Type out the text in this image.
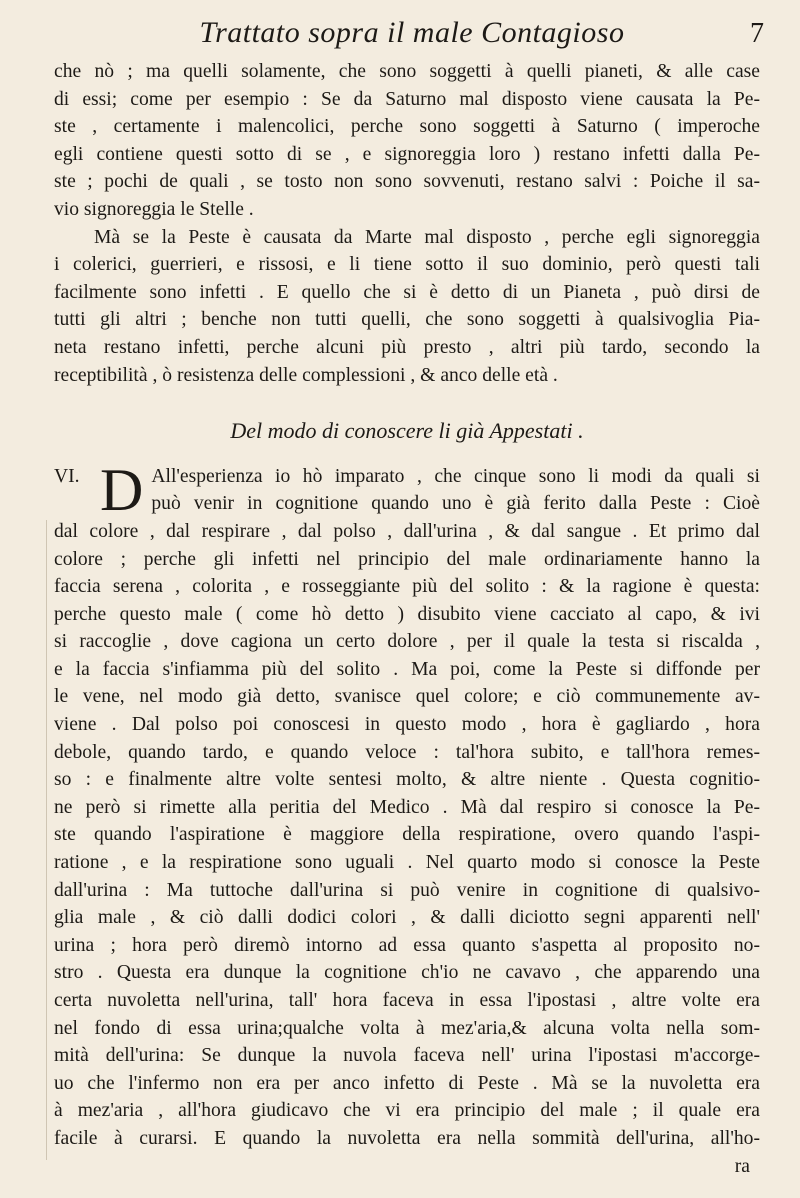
Trattato sopra il male Contagioso	7

che nò ; ma quelli solamente, che sono soggetti à quelli pianeti, & alle case
di essi; come per esempio : Se da Saturno mal disposto viene causata la Pe-
ste , certamente i malencolici, perche sono soggetti à Saturno ( imperoche
egli contiene questi sotto di se , e signoreggia loro ) restano infetti dalla Pe-
ste ; pochi de quali , se tosto non sono sovvenuti, restano salvi : Poiche il sa-
vio signoreggia le Stelle .

Mà se la Peste è causata da Marte mal disposto , perche egli signoreggia
i colerici, guerrieri, e rissosi, e li tiene sotto il suo dominio, però questi tali
facilmente sono infetti . E quello che si è detto di un Pianeta , può dirsi de
tutti gli altri ; benche non tutti quelli, che sono soggetti à qualsivoglia Pia-
neta restano infetti, perche alcuni più presto , altri più tardo, secondo la
receptibilità , ò resistenza delle complessioni , & anco delle età .

Del modo di conoscere li già Appestati .
VI. D All'esperienza io hò imparato , che cinque sono li modi da quali si
può venir in cognitione quando uno è già ferito dalla Peste : Cioè
dal colore , dal respirare , dal polso , dall'urina , & dal sangue . Et primo dal
colore ; perche gli infetti nel principio del male ordinariamente hanno la
faccia serena , colorita , e rosseggiante più del solito : & la ragione è questa:
perche questo male ( come hò detto ) disubito viene cacciato al capo, & ivi
si raccoglie , dove cagiona un certo dolore , per il quale la testa si riscalda ,
e la faccia s'infiamma più del solito . Ma poi, come la Peste si diffonde per
le vene, nel modo già detto, svanisce quel colore; e ciò communemente av-
viene . Dal polso poi conoscesi in questo modo , hora è gagliardo , hora
debole, quando tardo, e quando veloce : tal'hora subito, e tall'hora remes-
so : e finalmente altre volte sentesi molto, & altre niente . Questa cognitio-
ne però si rimette alla peritia del Medico . Mà dal respiro si conosce la Pe-
ste quando l'aspiratione è maggiore della respiratione, overo quando l'aspi-
ratione , e la respiratione sono uguali . Nel quarto modo si conosce la Peste
dall'urina : Ma tuttoche dall'urina si può venire in cognitione di qualsivo-
glia male , & ciò dalli dodici colori , & dalli diciotto segni apparenti nell'
urina ; hora però diremò intorno ad essa quanto s'aspetta al proposito no-
stro . Questa era dunque la cognitione ch'io ne cavavo , che apparendo una
certa nuvoletta nell'urina, tall' hora faceva in essa l'ipostasi , altre volte era
nel fondo di essa urina;qualche volta à mez'aria,& alcuna volta nella som-
mità dell'urina: Se dunque la nuvola faceva nell' urina l'ipostasi m'accorge-
uo che l'infermo non era per anco infetto di Peste . Mà se la nuvoletta era
à mez'aria , all'hora giudicavo che vi era principio del male ; il quale era
facile à curarsi. E quando la nuvoletta era nella sommità dell'urina, all'ho-
ra
